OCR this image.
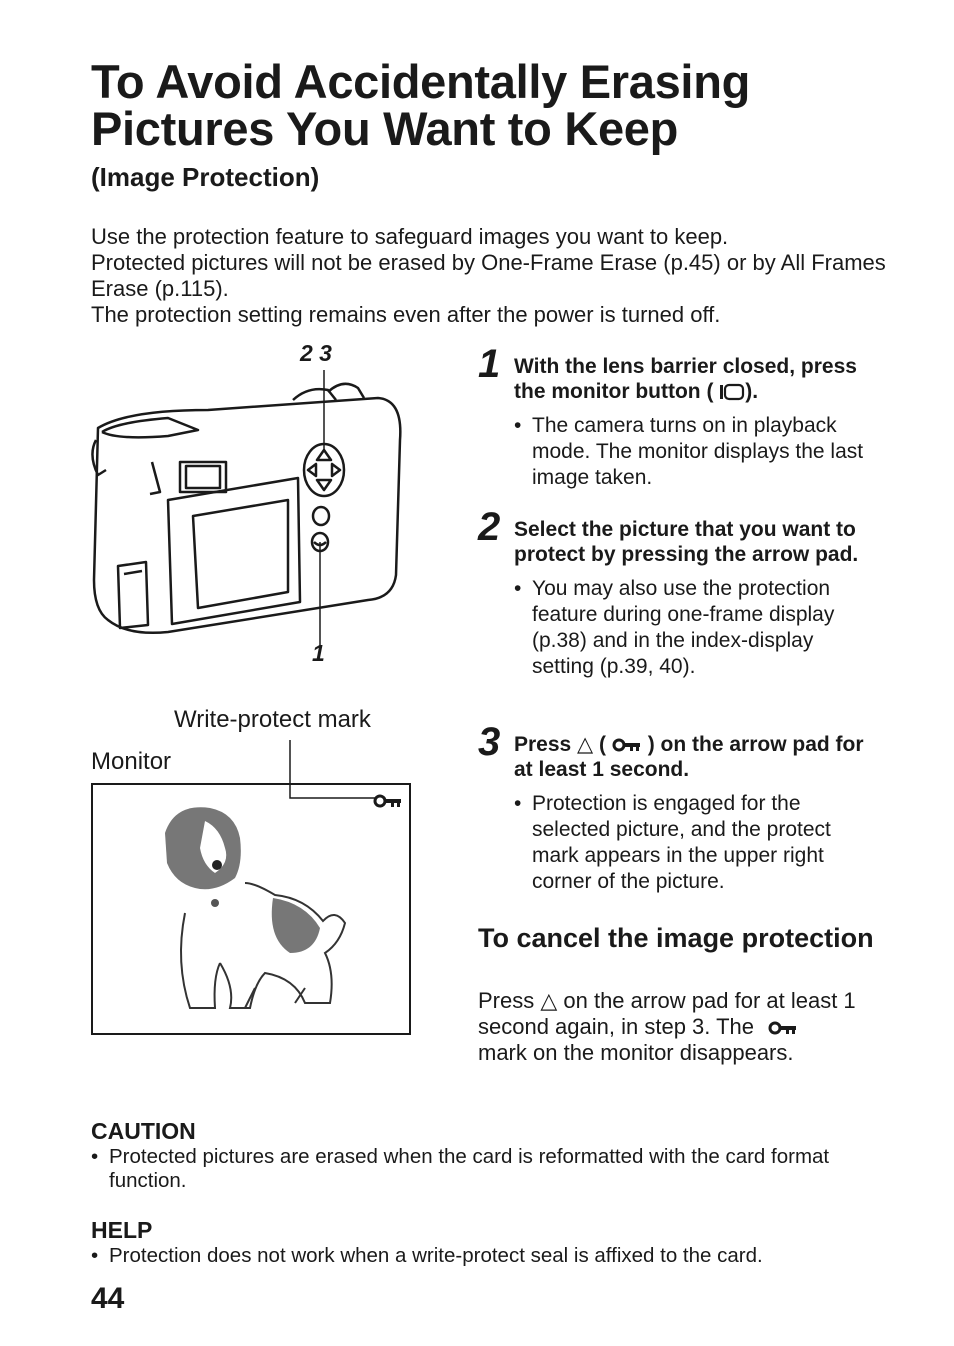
To Avoid Accidentally Erasing Pictures You Want to Keep
(Image Protection)

Use the protection feature to safeguard images you want to keep.

Protected pictures will not be erased by One-Frame Erase (p.45) or by All Frames Erase (p.115).

The protection setting remains even after the power is turned off.

2 3
1
Write-protect mark
Monitor
1 With the lens barrier closed, press the monitor button ( ).
• The camera turns on in playback mode. The monitor displays the last image taken.
2 Select the picture that you want to protect by pressing the arrow pad.
• You may also use the protection feature during one-frame display (p.38) and in the index-display setting (p.39, 40).
3 Press △ ( ) on the arrow pad for at least 1 second.
• Protection is engaged for the selected picture, and the protect mark appears in the upper right corner of the picture.
To cancel the image protection
Press △ on the arrow pad for at least 1 second again, in step 3. The  mark on the monitor disappears.
CAUTION
• Protected pictures are erased when the card is reformatted with the card format function.
HELP
• Protection does not work when a write-protect seal is affixed to the card.
44
